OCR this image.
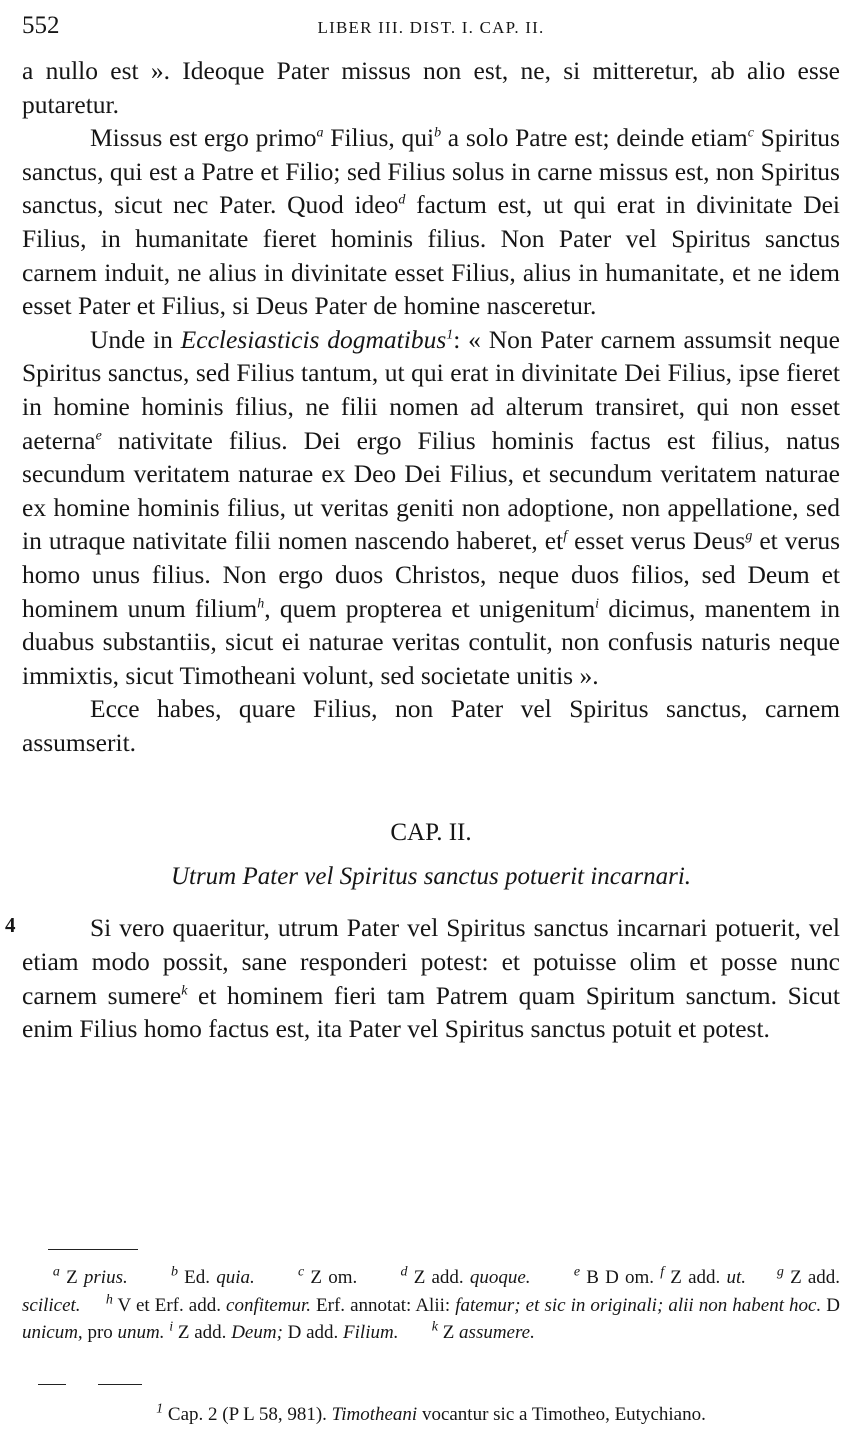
552	LIBER III. DIST. I. CAP. II.

a nullo est ». Ideoque Pater missus non est, ne, si mitteretur, ab alio esse putaretur.

Missus est ergo primo$^a$ Filius, qui$^b$ a solo Patre est; deinde etiam$^c$ Spiritus sanctus, qui est a Patre et Filio; sed Filius solus in carne missus est, non Spiritus sanctus, sicut nec Pater. Quod ideo$^d$ factum est, ut qui erat in divinitate Dei Filius, in humanitate fieret hominis filius. Non Pater vel Spiritus sanctus carnem induit, ne alius in divinitate esset Filius, alius in humanitate, et ne idem esset Pater et Filius, si Deus Pater de homine nasceretur.

Unde in Ecclesiasticis dogmatibus$^1$: « Non Pater carnem assumsit neque Spiritus sanctus, sed Filius tantum, ut qui erat in divinitate Dei Filius, ipse fieret in homine hominis filius, ne filii nomen ad alterum transiret, qui non esset aeterna$^e$ nativitate filius. Dei ergo Filius hominis factus est filius, natus secundum veritatem naturae ex Deo Dei Filius, et secundum veritatem naturae ex homine hominis filius, ut veritas geniti non adoptione, non appellatione, sed in utraque nativitate filii nomen nascendo haberet, $et^f$ esset verus Deus$^g$ et verus homo unus filius. Non ergo duos Christos, neque duos filios, sed Deum et hominem unum filium$^h$, quem propterea et unigenitum$^i$ dicimus, manentem in duabus substantiis, sicut ei naturae veritas contulit, non confusis naturis neque immixtis, sicut Timotheani volunt, sed societate unitis ».

Ecce habes, quare Filius, non Pater vel Spiritus sanctus, carnem assumserit.

CAP. II.

Utrum Pater vel Spiritus sanctus potuerit incarnari.

4	Si vero quaeritur, utrum Pater vel Spiritus sanctus incarnari potuerit, vel etiam modo possit, sane responderi potest: et potuisse olim et posse nunc carnem sumere$^k$ et hominem fieri tam Patrem quam Spiritum sanctum. Sicut enim Filius homo factus est, ita Pater vel Spiritus sanctus potuit et potest.

$^a$ Z prius.	$^b$ Ed. quia.	$^c$ Z om.	$^d$ Z add. quoque.	$^e$ B D om. $^f$ Z add. ut. $^g$ Z add. scilicet. $^h$ V et Erf. add. confitemur. Erf. annotat: Alii: fatemur; et sic in originali; alii non habent hoc. D unicum, pro unum. $^i$ Z add. Deum; D add. Filium. $^k$ Z assumere.

$^1$ Cap. 2 (P L 58, 981). Timotheani vocantur sic a Timotheo, Eutychiano.
